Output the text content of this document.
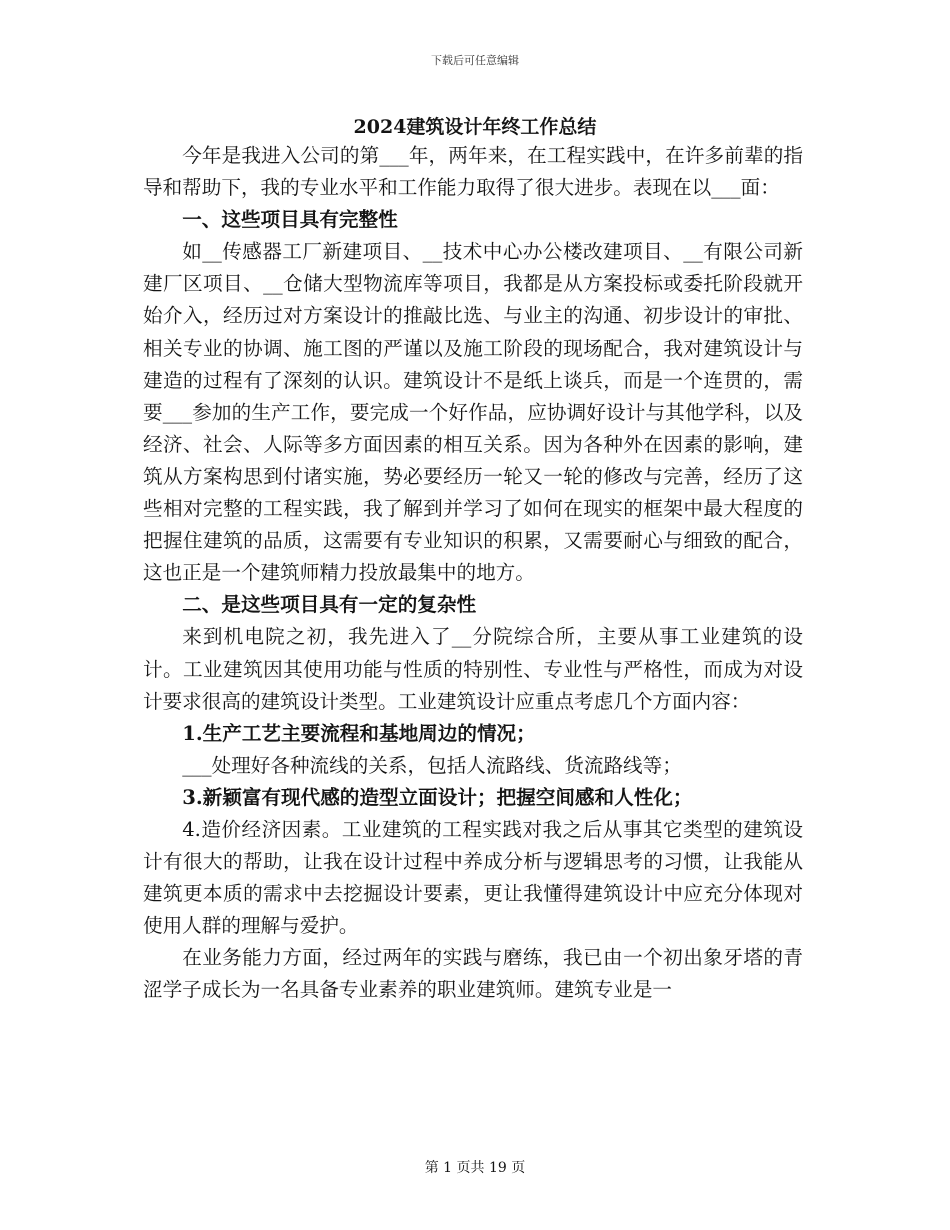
下载后可任意编辑
2024建筑设计年终工作总结

今年是我进入公司的第___年，两年来，在工程实践中，在许多前辈的指导和帮助下，我的专业水平和工作能力取得了很大进步。表现在以___面：

一、这些项目具有完整性

如__传感器工厂新建项目、__技术中心办公楼改建项目、__有限公司新建厂区项目、__仓储大型物流库等项目，我都是从方案投标或委托阶段就开始介入，经历过对方案设计的推敲比选、与业主的沟通、初步设计的审批、相关专业的协调、施工图的严谨以及施工阶段的现场配合，我对建筑设计与建造的过程有了深刻的认识。建筑设计不是纸上谈兵，而是一个连贯的，需要___参加的生产工作，要完成一个好作品，应协调好设计与其他学科，以及经济、社会、人际等多方面因素的相互关系。因为各种外在因素的影响，建筑从方案构思到付诸实施，势必要经历一轮又一轮的修改与完善，经历了这些相对完整的工程实践，我了解到并学习了如何在现实的框架中最大程度的把握住建筑的品质，这需要有专业知识的积累，又需要耐心与细致的配合，这也正是一个建筑师精力投放最集中的地方。

二、是这些项目具有一定的复杂性

来到机电院之初，我先进入了__分院综合所，主要从事工业建筑的设计。工业建筑因其使用功能与性质的特别性、专业性与严格性，而成为对设计要求很高的建筑设计类型。工业建筑设计应重点考虑几个方面内容：

1.生产工艺主要流程和基地周边的情况；

___处理好各种流线的关系，包括人流路线、货流路线等；

3.新颖富有现代感的造型立面设计；把握空间感和人性化；

4.造价经济因素。工业建筑的工程实践对我之后从事其它类型的建筑设计有很大的帮助，让我在设计过程中养成分析与逻辑思考的习惯，让我能从建筑更本质的需求中去挖掘设计要素，更让我懂得建筑设计中应充分体现对使用人群的理解与爱护。

在业务能力方面，经过两年的实践与磨练，我已由一个初出象牙塔的青涩学子成长为一名具备专业素养的职业建筑师。建筑专业是一

第 1 页共 19 页
